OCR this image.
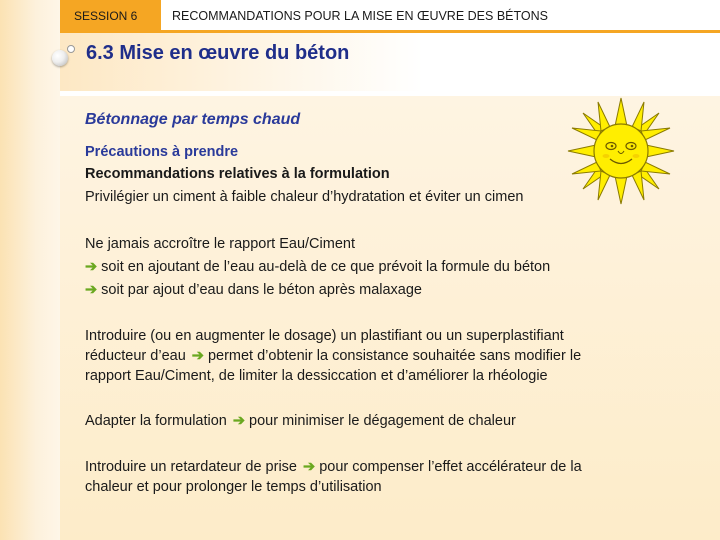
SESSION 6	RECOMMANDATIONS POUR LA MISE EN ŒUVRE DES BÉTONS
6.3 Mise en œuvre du béton
Bétonnage par temps chaud
Précautions à prendre
Recommandations relatives à la formulation
Privilégier un ciment à faible chaleur d’hydratation et éviter un cimen
Ne jamais accroître le rapport Eau/Ciment
➔ soit en ajoutant de l’eau au-delà de ce que prévoit la formule du béton
➔ soit par ajout d’eau dans le béton après malaxage
Introduire (ou en augmenter le dosage) un plastifiant ou un superplastifiant
réducteur d’eau ➔ permet d’obtenir la consistance souhaitée sans modifier le
rapport Eau/Ciment, de limiter la dessiccation et d’améliorer la rhéologie
Adapter la formulation ➔ pour minimiser le dégagement de chaleur
Introduire un retardateur de prise ➔ pour compenser l’effet accélérateur de la
chaleur et pour prolonger le temps d’utilisation
